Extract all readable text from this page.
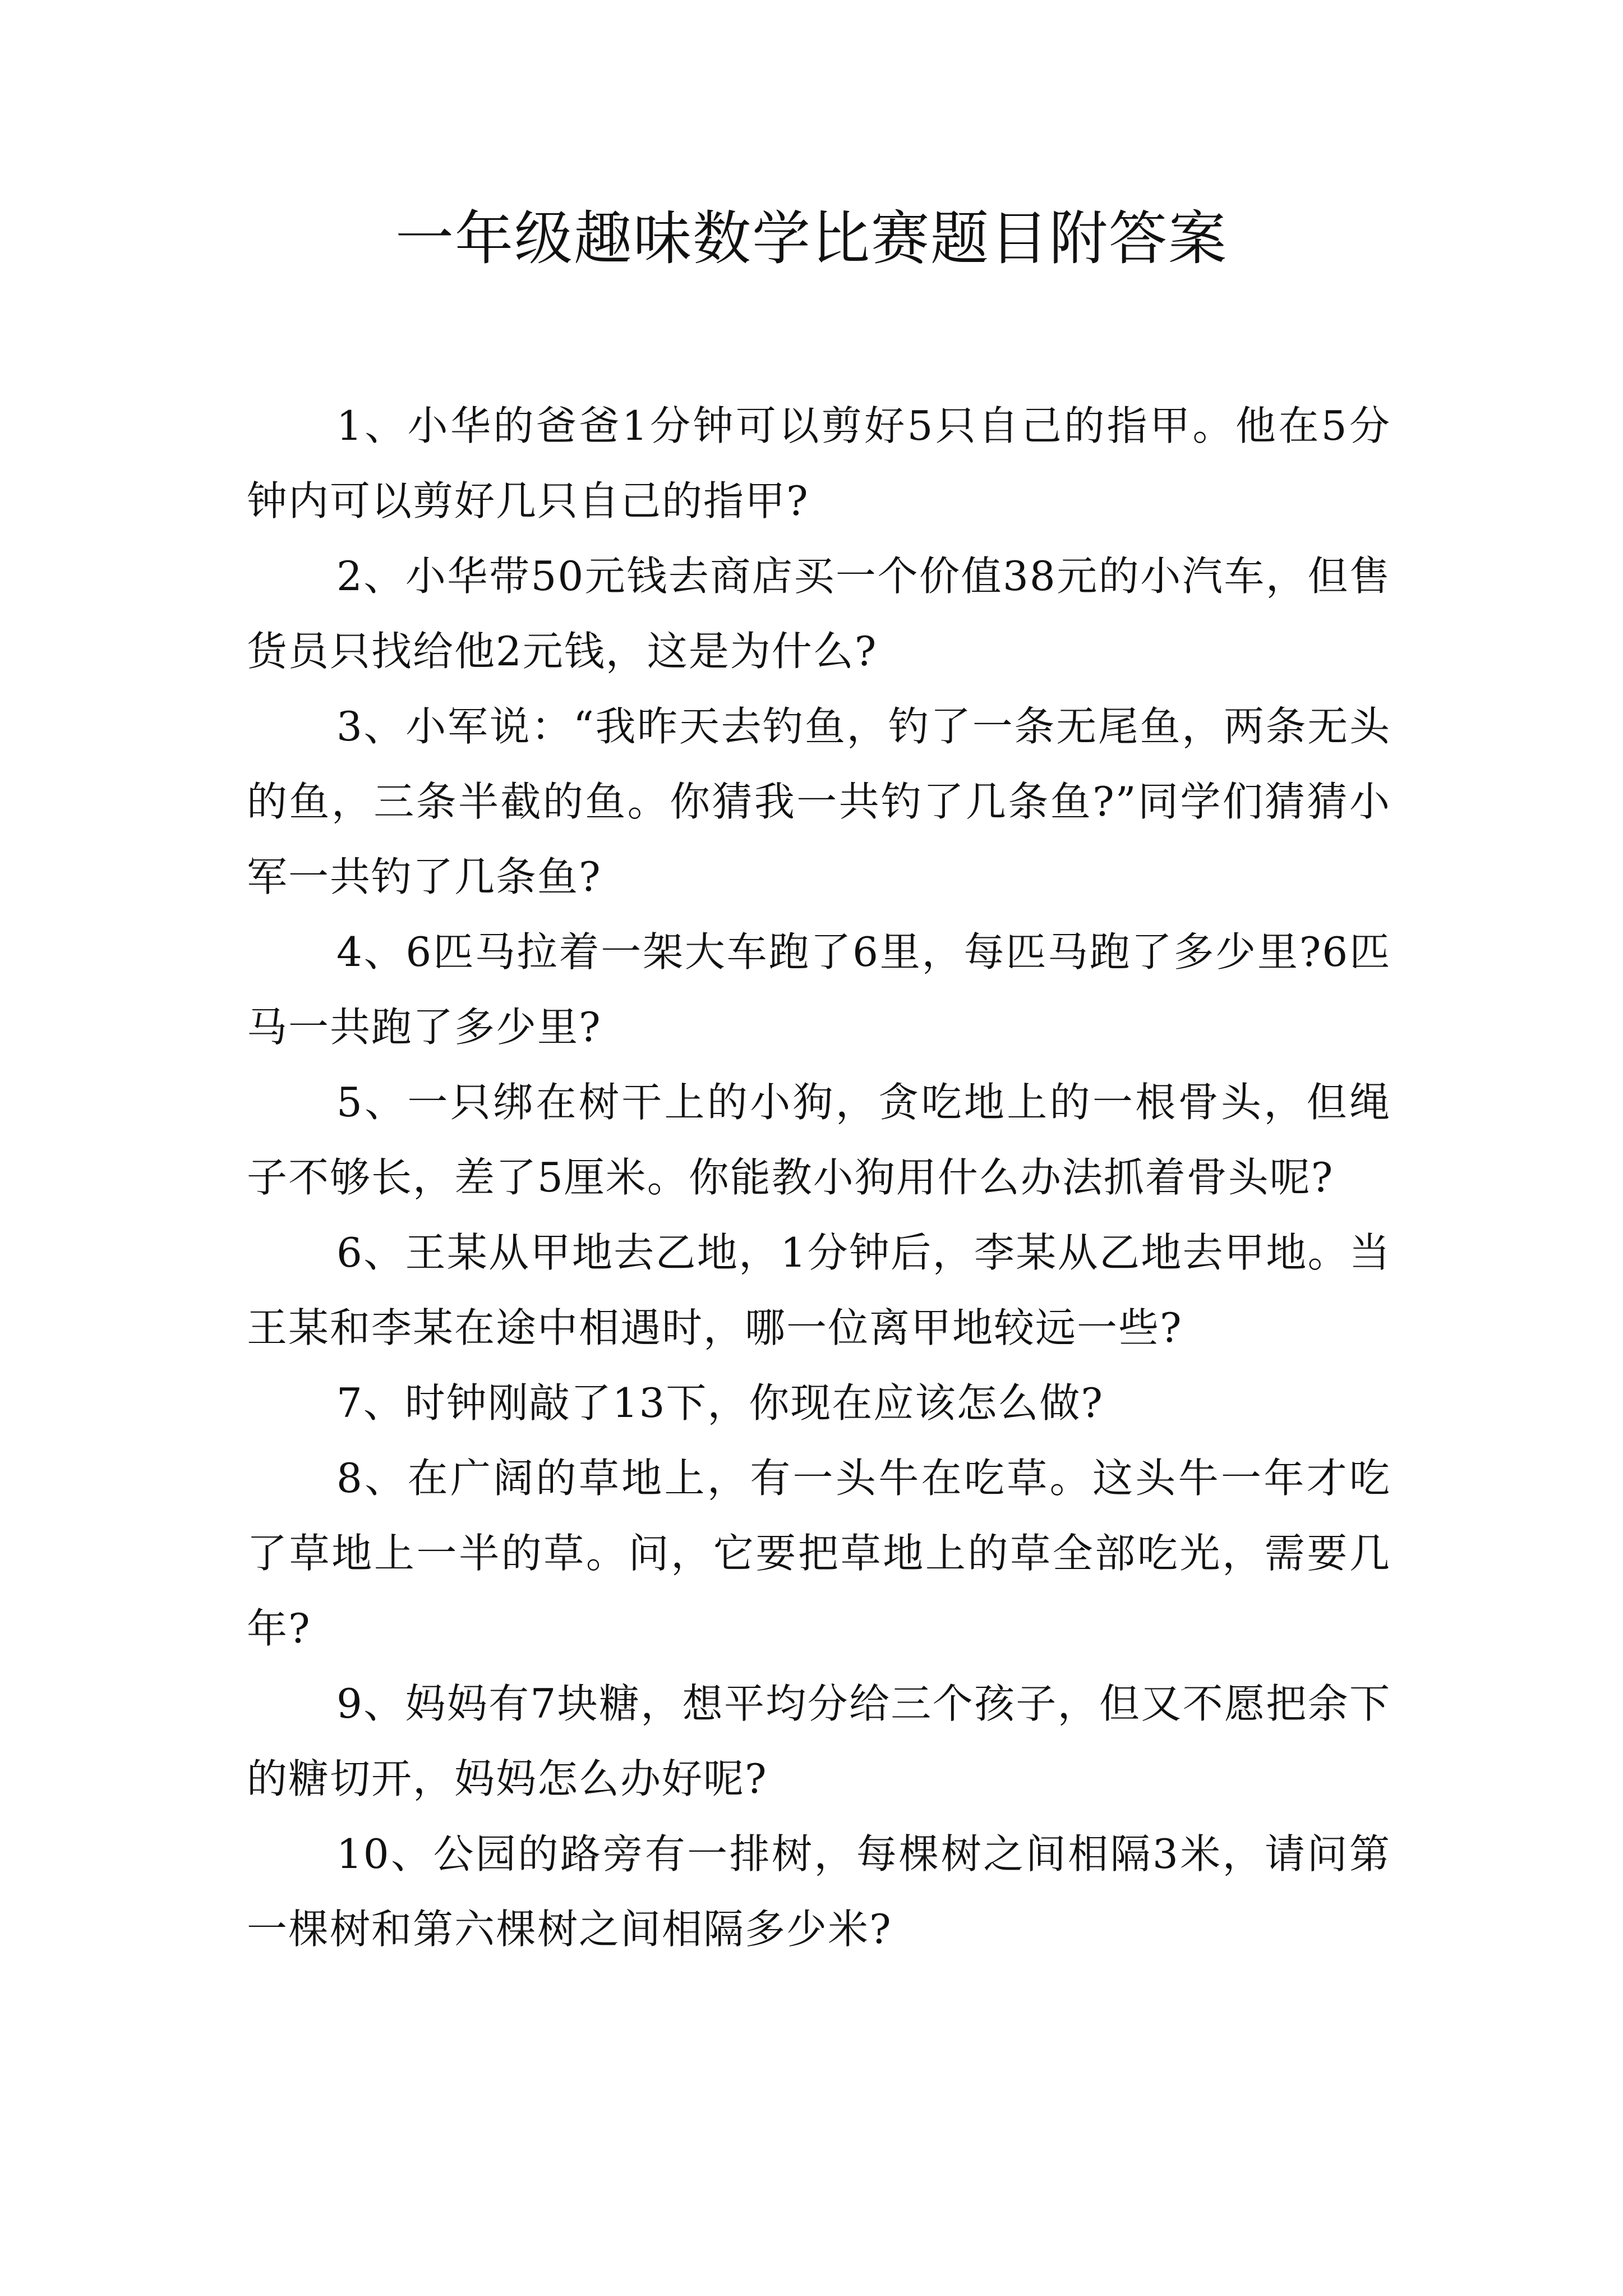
一年级趣味数学比赛题目附答案
1、小华的爸爸1分钟可以剪好5只自己的指甲。他在5分钟内可以剪好几只自己的指甲?
2、小华带50元钱去商店买一个价值38元的小汽车，但售货员只找给他2元钱，这是为什么?
3、小军说：“我昨天去钓鱼，钓了一条无尾鱼，两条无头的鱼，三条半截的鱼。你猜我一共钓了几条鱼?”同学们猜猜小军一共钓了几条鱼?
4、6匹马拉着一架大车跑了6里，每匹马跑了多少里?6匹马一共跑了多少里?
5、一只绑在树干上的小狗，贪吃地上的一根骨头，但绳子不够长，差了5厘米。你能教小狗用什么办法抓着骨头呢?
6、王某从甲地去乙地，1分钟后，李某从乙地去甲地。当王某和李某在途中相遇时，哪一位离甲地较远一些?
7、时钟刚敲了13下，你现在应该怎么做?
8、在广阔的草地上，有一头牛在吃草。这头牛一年才吃了草地上一半的草。问，它要把草地上的草全部吃光，需要几年?
9、妈妈有7块糖，想平均分给三个孩子，但又不愿把余下的糖切开，妈妈怎么办好呢?
10、公园的路旁有一排树，每棵树之间相隔3米，请问第一棵树和第六棵树之间相隔多少米?
